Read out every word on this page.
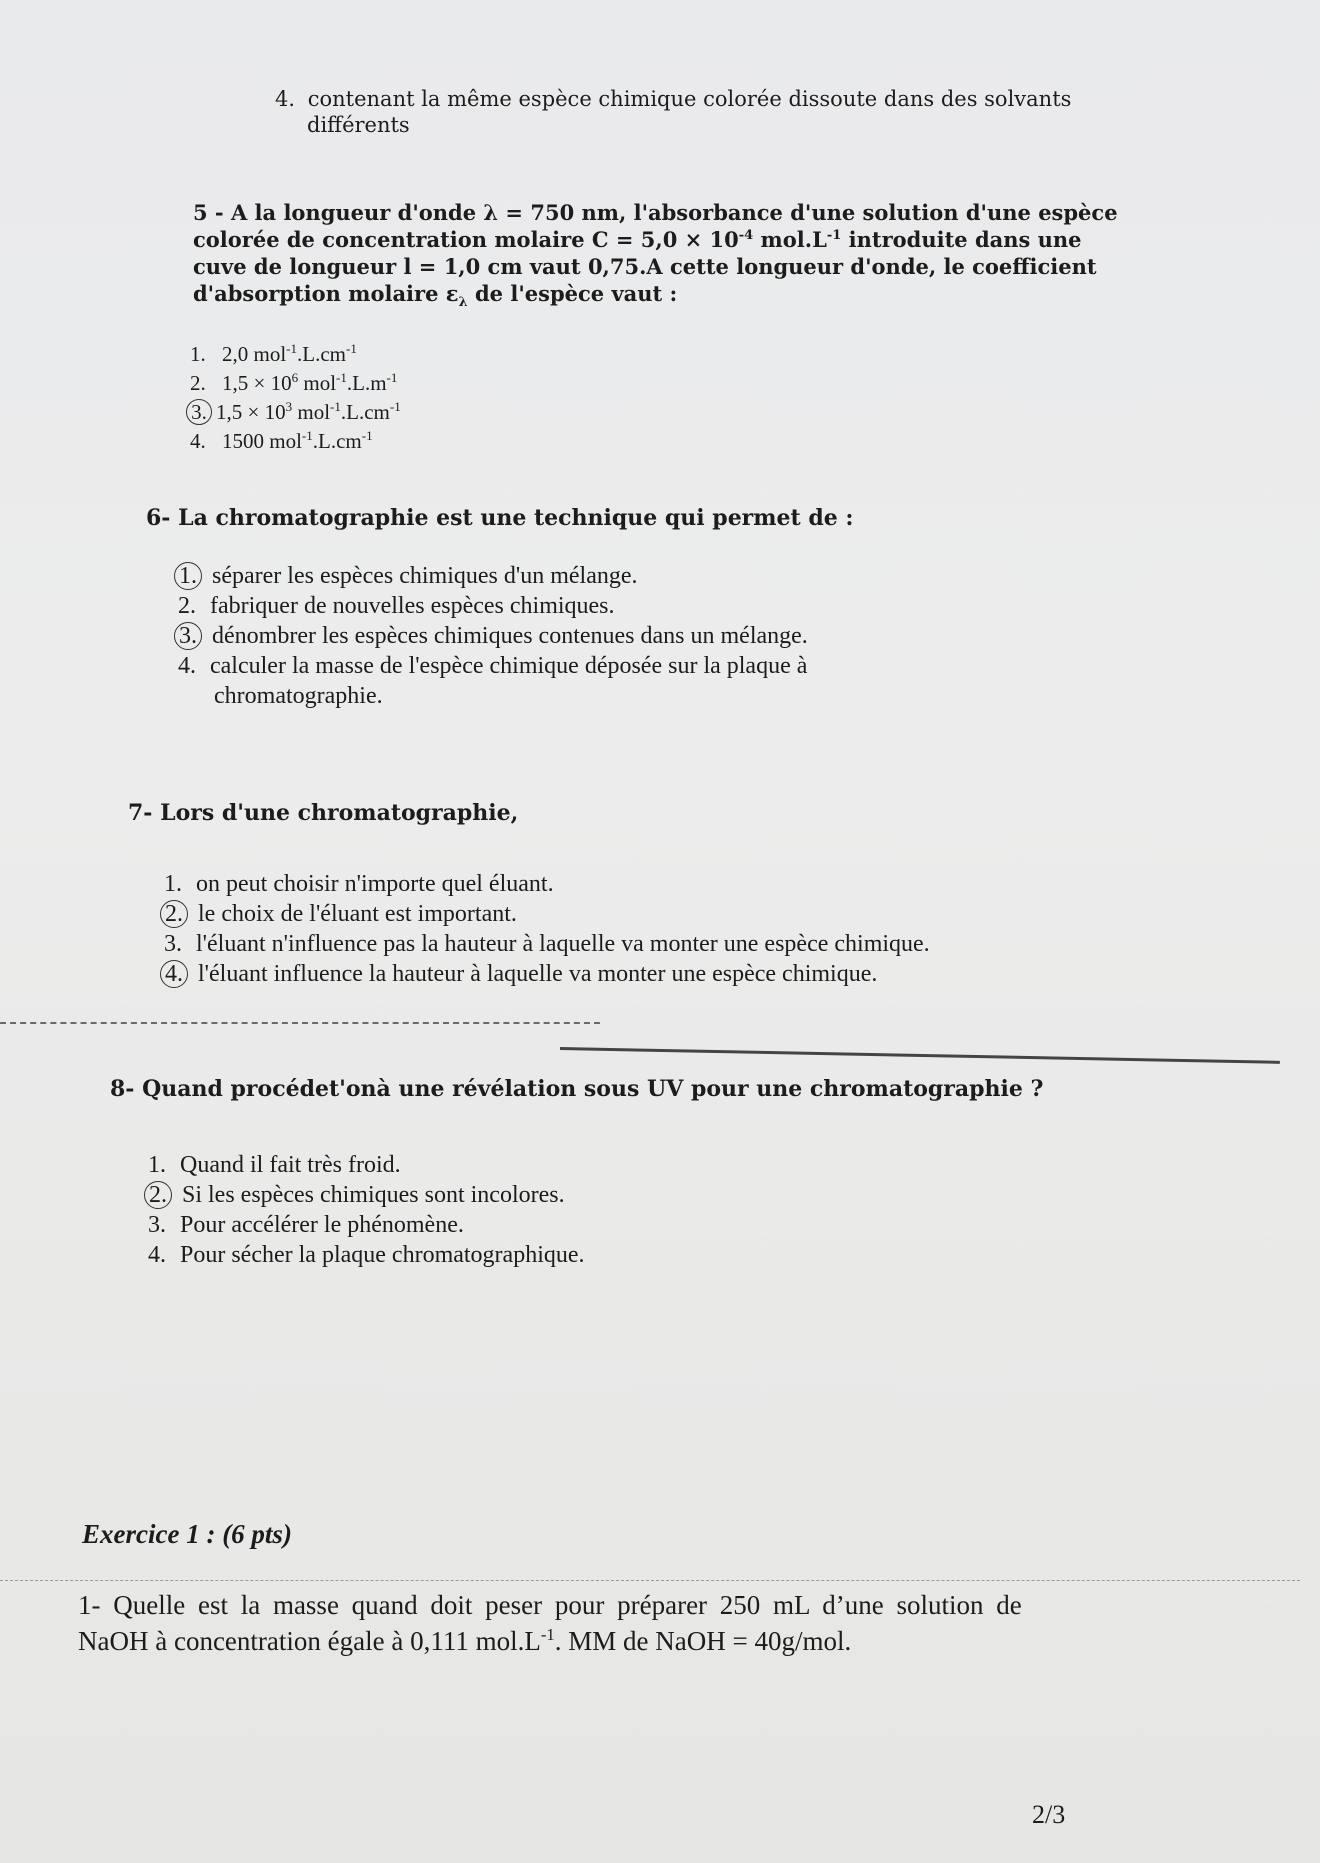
4. contenant la même espèce chimique colorée dissoute dans des solvants
différents
5 - A la longueur d'onde λ = 750 nm, l'absorbance d'une solution d'une espèce
colorée de concentration molaire $C = 5,0 \times 10^{-4}$ $mol.L^{-1}$ introduite dans une
cuve de longueur l = 1,0 cm vaut 0,75.A cette longueur d'onde, le coefficient
d'absorption molaire $\varepsilon_\lambda$ de l'espèce vaut :
1. 2,0 $mol^{-1}.L.cm^{-1}$
2. $1,5 \times 10^6$ $mol^{-1}.L.m^{-1}$
3. $1,5 \times 10^3$ $mol^{-1}.L.cm^{-1}$
4. 1500 $mol^{-1}.L.cm^{-1}$
6- La chromatographie est une technique qui permet de :
1. séparer les espèces chimiques d'un mélange.
2. fabriquer de nouvelles espèces chimiques.
3. dénombrer les espèces chimiques contenues dans un mélange.
4. calculer la masse de l'espèce chimique déposée sur la plaque à
chromatographie.
7- Lors d'une chromatographie,
1. on peut choisir n'importe quel éluant.
2. le choix de l'éluant est important.
3. l'éluant n'influence pas la hauteur à laquelle va monter une espèce chimique.
4. l'éluant influence la hauteur à laquelle va monter une espèce chimique.
8- Quand procédet'onà une révélation sous UV pour une chromatographie ?
1. Quand il fait très froid.
2. Si les espèces chimiques sont incolores.
3. Pour accélérer le phénomène.
4. Pour sécher la plaque chromatographique.
Exercice 1 : (6 pts)
1- Quelle est la masse quand doit peser pour préparer 250 mL d’une solution de
NaOH à concentration égale à 0,111 $mol.L^{-1}$. MM de NaOH = 40g/mol.
2/3
